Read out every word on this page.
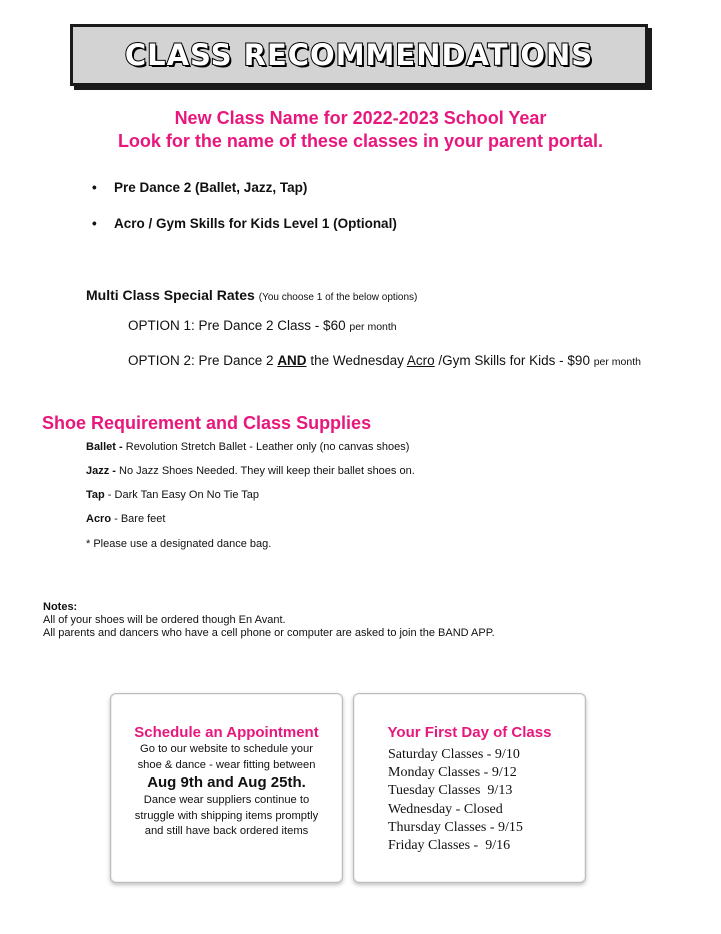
CLASS RECOMMENDATIONS
New Class Name for 2022-2023 School Year
Look for the name of these classes in your parent portal.
•	Pre Dance 2 (Ballet, Jazz, Tap)
•	Acro / Gym Skills for Kids Level 1 (Optional)
Multi Class Special Rates (You choose 1 of the below options)
OPTION 1: Pre Dance 2 Class - $60 per month
OPTION 2: Pre Dance 2 AND the Wednesday Acro /Gym Skills for Kids - $90 per month
Shoe Requirement and Class Supplies
Ballet - Revolution Stretch Ballet - Leather only (no canvas shoes)
Jazz - No Jazz Shoes Needed. They will keep their ballet shoes on.
Tap - Dark Tan Easy On No Tie Tap
Acro - Bare feet
* Please use a designated dance bag.
Notes:
All of your shoes will be ordered though En Avant.
All parents and dancers who have a cell phone or computer are asked to join the BAND APP.
Schedule an Appointment
Go to our website to schedule your
shoe & dance - wear fitting between
Aug 9th and Aug 25th.
Dance wear suppliers continue to
struggle with shipping items promptly
and still have back ordered items
Your First Day of Class
Saturday Classes - 9/10
Monday Classes - 9/12
Tuesday Classes  9/13
Wednesday - Closed
Thursday Classes - 9/15
Friday Classes -  9/16
